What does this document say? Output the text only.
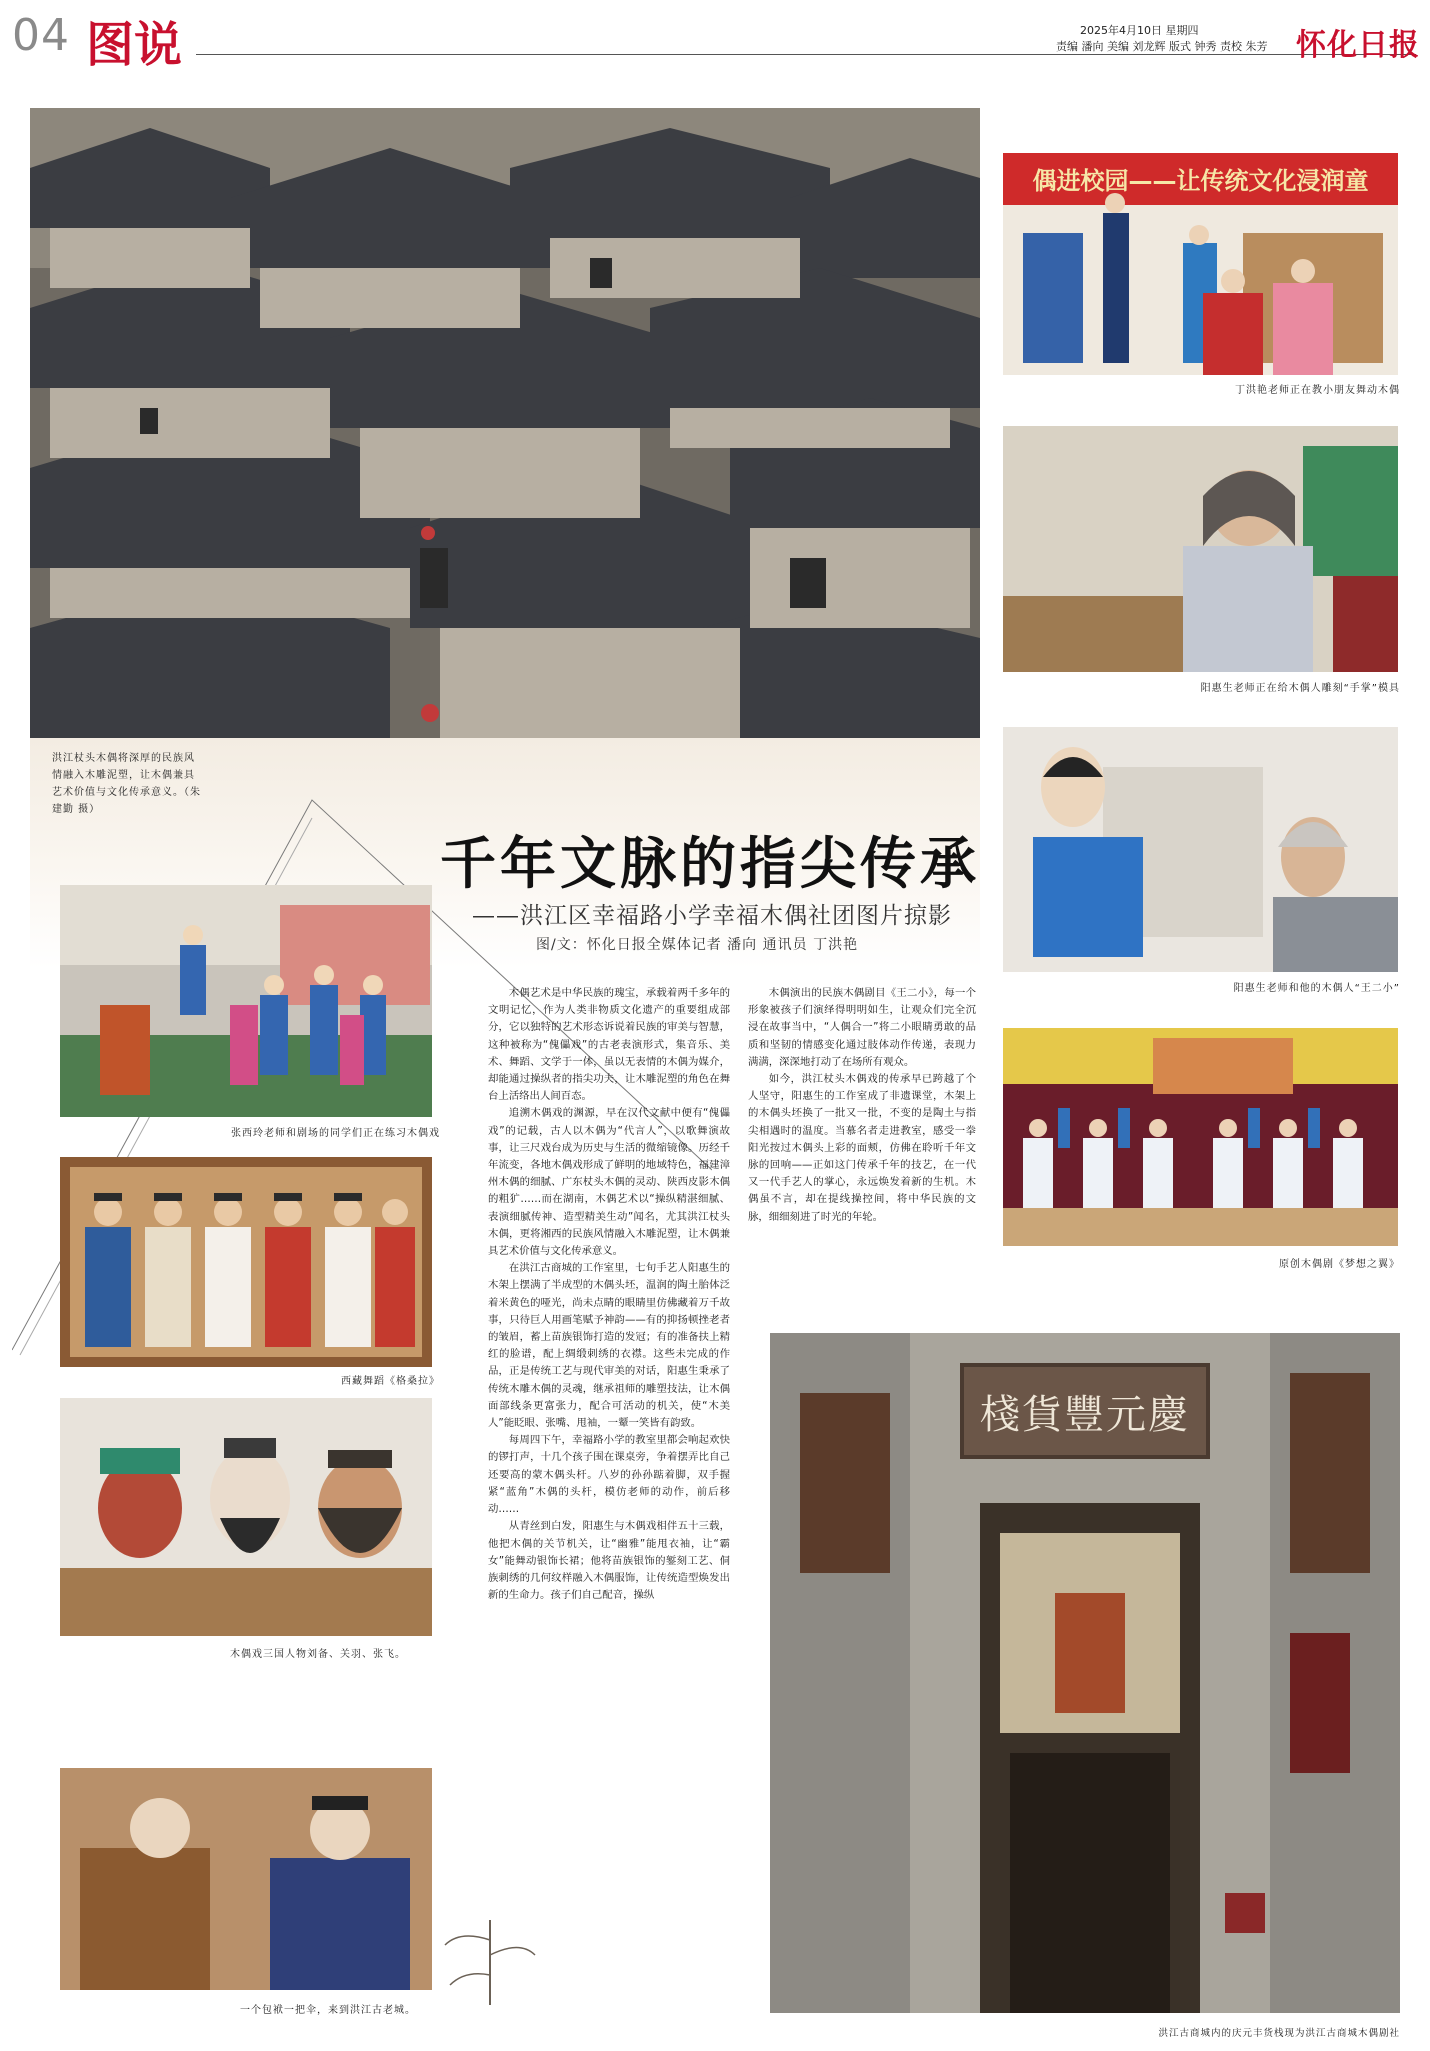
04 图说	2025年4月10日 星期四
责编 潘向 美编 刘龙辉 版式 钟秀 责校 朱芳 怀化日报
洪江杖头木偶将深厚的民族风情融入木雕泥塑，让木偶兼具艺术价值与文化传承意义。（朱建勤 摄）
千年文脉的指尖传承
——洪江区幸福路小学幸福木偶社团图片掠影
图/文：怀化日报全媒体记者 潘向 通讯员 丁洪艳
张西玲老师和剧场的同学们正在练习木偶戏
西藏舞蹈《格桑拉》
木偶戏三国人物刘备、关羽、张飞。
一个包袱一把伞，来到洪江古老城。

木偶艺术是中华民族的瑰宝，承载着两千多年的文明记忆，作为人类非物质文化遗产的重要组成部分，它以独特的艺术形态诉说着民族的审美与智慧，这种被称为“傀儡戏”的古老表演形式，集音乐、美术、舞蹈、文学于一体，虽以无表情的木偶为媒介，却能通过操纵者的指尖功夫，让木雕泥塑的角色在舞台上活络出人间百态。

追溯木偶戏的渊源，早在汉代文献中便有“傀儡戏”的记载，古人以木偶为“代言人”，以歌舞演故事，让三尺戏台成为历史与生活的微缩镜像。历经千年流变，各地木偶戏形成了鲜明的地域特色，福建漳州木偶的细腻、广东杖头木偶的灵动、陕西皮影木偶的粗犷……而在湖南，木偶艺术以“操纵精湛细腻、表演细腻传神、造型精美生动”闻名，尤其洪江杖头木偶，更将湘西的民族风情融入木雕泥塑，让木偶兼具艺术价值与文化传承意义。

在洪江古商城的工作室里，七旬手艺人阳惠生的木架上摆满了半成型的木偶头坯，温润的陶土胎体泛着米黄色的哑光，尚未点睛的眼睛里仿佛藏着万千故事，只待巨人用画笔赋予神韵——有的抑扬顿挫老者的皱眉，蓄上苗族银饰打造的发冠；有的准备扶上精红的脸谱，配上绸缎刺绣的衣襟。这些未完成的作品，正是传统工艺与现代审美的对话，阳惠生秉承了传统木雕木偶的灵魂，继承祖师的雕塑技法，让木偶面部线条更富张力，配合可活动的机关，使“木美人”能眨眼、张嘴、甩袖，一颦一笑皆有韵致。

每周四下午，幸福路小学的教室里都会响起欢快的锣打声，十几个孩子围在课桌旁，争着摆弄比自己还要高的蒙木偶头杆。八岁的孙孙踮着脚，双手握紧“蓝角”木偶的头杆，模仿老师的动作，前后移动……

从青丝到白发，阳惠生与木偶戏相伴五十三载，他把木偶的关节机关，让“幽雅”能甩衣袖，让“霸女”能舞动银饰长裙；他将苗族银饰的錾刻工艺、侗族刺绣的几何纹样融入木偶服饰，让传统造型焕发出新的生命力。孩子们自己配音，操纵

木偶演出的民族木偶剧目《王二小》，每一个形象被孩子们演绎得明明如生，让观众们完全沉浸在故事当中，“人偶合一”将二小眼睛勇敢的品质和坚韧的情感变化通过肢体动作传递，表现力满满，深深地打动了在场所有观众。

如今，洪江杖头木偶戏的传承早已跨越了个人坚守，阳惠生的工作室成了非遗课堂，木架上的木偶头坯换了一批又一批，不变的是陶土与指尖相遇时的温度。当慕名者走进教室，感受一拳阳光按过木偶头上彩的面颊，仿佛在聆听千年文脉的回响——正如这门传承千年的技艺，在一代又一代手艺人的掌心，永远焕发着新的生机。木偶虽不言，却在提线操控间，将中华民族的文脉，细细刻进了时光的年轮。

偶进校园——让传统文化浸润童
丁洪艳老师正在教小朋友舞动木偶
阳惠生老师正在给木偶人雕刻“手掌”模具
阳惠生老师和他的木偶人“王二小”
原创木偶剧《梦想之翼》
慶元豐貨棧
洪江古商城内的庆元丰货栈现为洪江古商城木偶剧社
